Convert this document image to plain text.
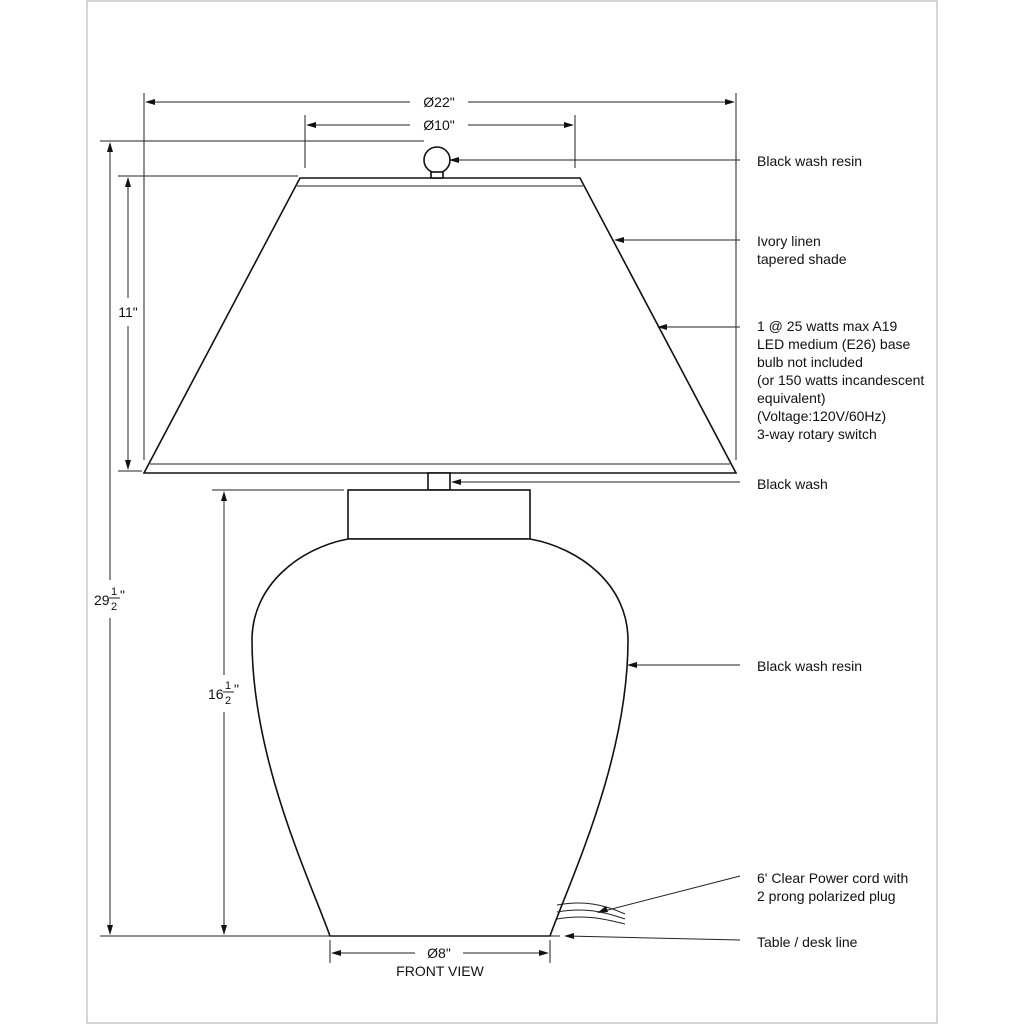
Ø22"
Ø10"
11"
29 1
2
"
16 1
2
"
Ø8"
FRONT VIEW
Black wash resin
Ivory linen
tapered shade
1 @ 25 watts max A19
LED medium (E26) base
bulb not included
(or 150 watts incandescent
equivalent)
(Voltage:120V/60Hz)
3-way rotary switch
Black wash
Black wash resin
6' Clear Power cord with
2 prong polarized plug
Table / desk line
